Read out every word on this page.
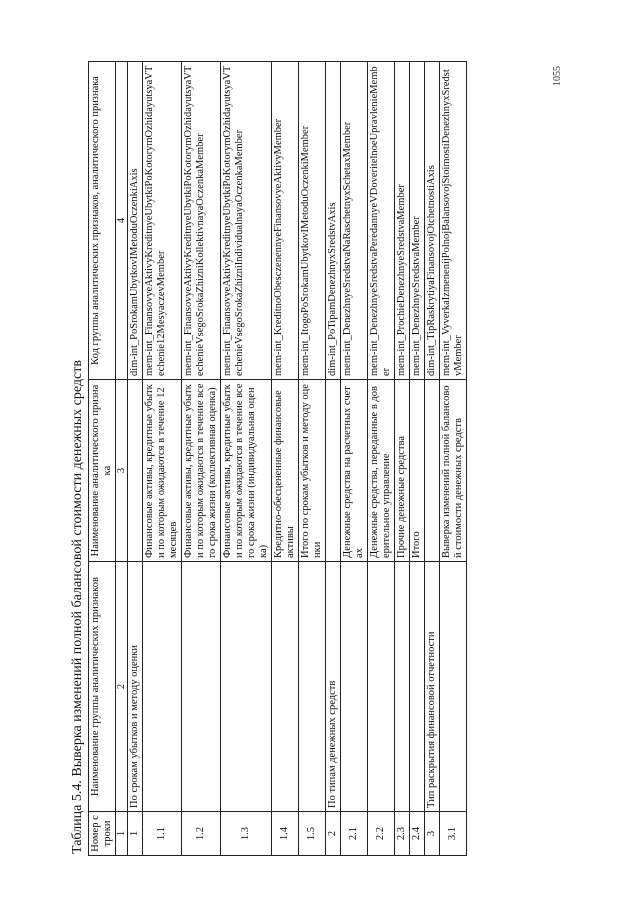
Таблица 5.4. Выверка изменений полной балансовой стоимости денежных средств Номер строки	Наименование группы аналитических признаков	Наименование аналитического признака	Код группы аналитических признаков, аналитического признака
1	2	3	4
1	По срокам убытков и методу оценки		dim-int_PoSrokamUbytkovIMetoduOczenkiAxis
1.1		Финансовые активы, кредитные убытки по которым ожидаются в течение 12 месяцев	mem-int_FinansovyeAktivyKreditnyeUbytkiPoKotorymOzhidayutsyaVTechenie12MesyaczevMember
1.2		Финансовые активы, кредитные убытки по которым ожидаются в течение всего срока жизни (коллективная оценка)	mem-int_FinansovyeAktivyKreditnyeUbytkiPoKotorymOzhidayutsyaVTechenieVsegoSrokaZhizniKollektivnayaOczenkaMember
1.3		Финансовые активы, кредитные убытки по которым ожидаются в течение всего срока жизни (индивидуальная оценка)	mem-int_FinansovyeAktivyKreditnyeUbytkiPoKotorymOzhidayutsyaVTechenieVsegoSrokaZhizniIndividualnayaOczenkaMember
1.4		Кредитно-обесцененные финансовые активы	mem-int_KreditnoObesczenennyeFinansovyeAktivyMember
1.5		Итого по срокам убытков и методу оценки	mem-int_ItogoPoSrokamUbytkovIMetoduOczenkiMember
2	По типам денежных средств		dim-int_PoTipamDenezhnyxSredstvAxis
2.1		Денежные средства на расчетных счетах	mem-int_DenezhnyeSredstvaNaRaschetnyxSchetaxMember
2.2		Денежные средства, переданные в доверительное управление	mem-int_DenezhnyeSredstvaPeredannyeVDoveritelnoeUpravlenieMember
2.3		Прочие денежные средства	mem-int_ProchieDenezhnyeSredstvaMember
2.4		Итого	mem-int_DenezhnyeSredstvaMember
3	Тип раскрытия финансовой отчетности		dim-int_TipRaskrytiyaFinansovojOtchetnostiAxis
3.1		Выверка изменений полной балансовой стоимости денежных средств	mem-int_VyverkaIzmenenijPolnojBalansovojStoimostiDenezhnyxSredstvMember
1055
